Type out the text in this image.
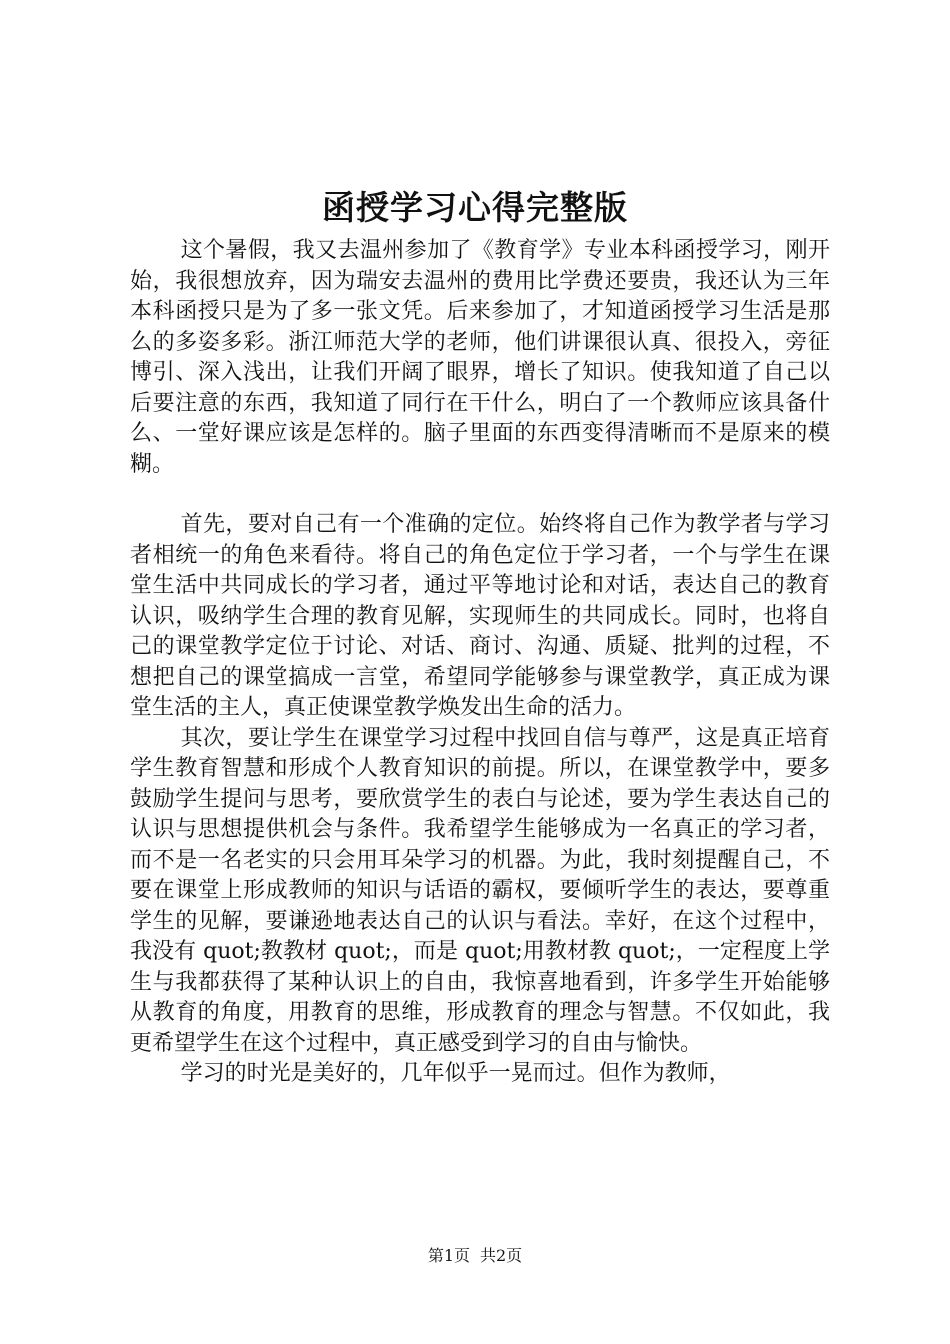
函授学习心得完整版

这个暑假，我又去温州参加了《教育学》专业本科函授学习，刚开始，我很想放弃，因为瑞安去温州的费用比学费还要贵，我还认为三年本科函授只是为了多一张文凭。后来参加了，才知道函授学习生活是那么的多姿多彩。浙江师范大学的老师，他们讲课很认真、很投入，旁征博引、深入浅出，让我们开阔了眼界，增长了知识。使我知道了自己以后要注意的东西，我知道了同行在干什么，明白了一个教师应该具备什么、一堂好课应该是怎样的。脑子里面的东西变得清晰而不是原来的模糊。

首先，要对自己有一个准确的定位。始终将自己作为教学者与学习者相统一的角色来看待。将自己的角色定位于学习者，一个与学生在课堂生活中共同成长的学习者，通过平等地讨论和对话，表达自己的教育认识，吸纳学生合理的教育见解，实现师生的共同成长。同时，也将自己的课堂教学定位于讨论、对话、商讨、沟通、质疑、批判的过程，不想把自己的课堂搞成一言堂，希望同学能够参与课堂教学，真正成为课堂生活的主人，真正使课堂教学焕发出生命的活力。

其次，要让学生在课堂学习过程中找回自信与尊严，这是真正培育学生教育智慧和形成个人教育知识的前提。所以，在课堂教学中，要多鼓励学生提问与思考，要欣赏学生的表白与论述，要为学生表达自己的认识与思想提供机会与条件。我希望学生能够成为一名真正的学习者，而不是一名老实的只会用耳朵学习的机器。为此，我时刻提醒自己，不要在课堂上形成教师的知识与话语的霸权，要倾听学生的表达，要尊重学生的见解，要谦逊地表达自己的认识与看法。幸好，在这个过程中，我没有 quot;教教材 quot;，而是 quot;用教材教 quot;，一定程度上学生与我都获得了某种认识上的自由，我惊喜地看到，许多学生开始能够从教育的角度，用教育的思维，形成教育的理念与智慧。不仅如此，我更希望学生在这个过程中，真正感受到学习的自由与愉快。

学习的时光是美好的，几年似乎一晃而过。但作为教师，

第1页 共2页
